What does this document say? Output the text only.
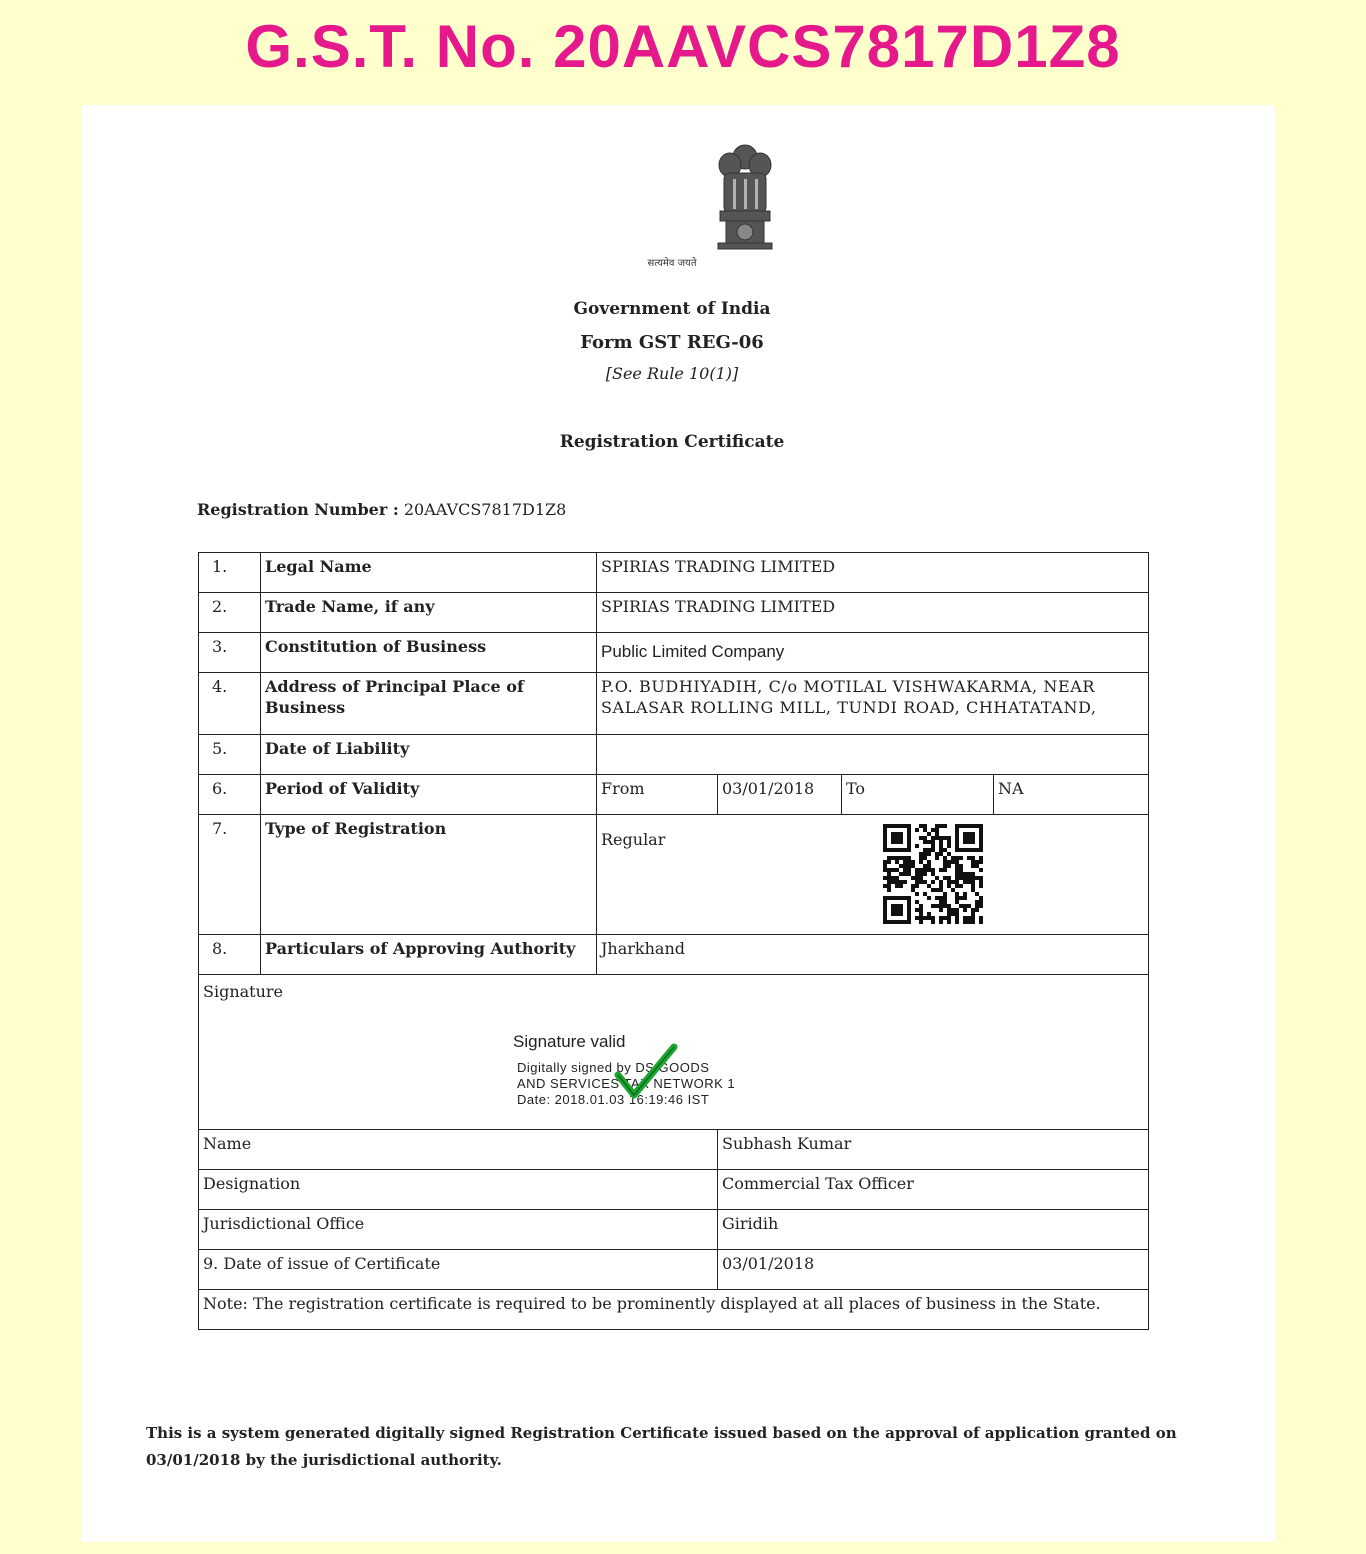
G.S.T. No. 20AAVCS7817D1Z8
सत्यमेव जयते
Government of India
Form GST REG-06
[See Rule 10(1)]
Registration Certificate
Registration Number : 20AAVCS7817D1Z8
1.	Legal Name	SPIRIAS TRADING LIMITED			
2.	Trade Name, if any	SPIRIAS TRADING LIMITED			
3.	Constitution of Business	Public Limited Company			
4.	Address of Principal Place of Business	P.O. BUDHIYADIH, C/o MOTILAL VISHWAKARMA, NEAR SALASAR ROLLING MILL, TUNDI ROAD, CHHATATAND,			
5.	Date of Liability				
6.	Period of Validity	From	03/01/2018	To	NA
7.	Type of Registration	Regular			

8.	Particulars of Approving Authority	Jharkhand			

Signature
Signature valid
Digitally signed by DS GOODS
AND SERVICES TAX NETWORK 1
Date: 2018.01.03 16:19:46 IST					

Name			Subhash Kumar		
Designation			Commercial Tax Officer		
Jurisdictional Office			Giridih		
9. Date of issue of Certificate			03/01/2018		
Note: The registration certificate is required to be prominently displayed at all places of business in the State.					
This is a system generated digitally signed Registration Certificate issued based on the approval of application granted on 03/01/2018 by the jurisdictional authority.
